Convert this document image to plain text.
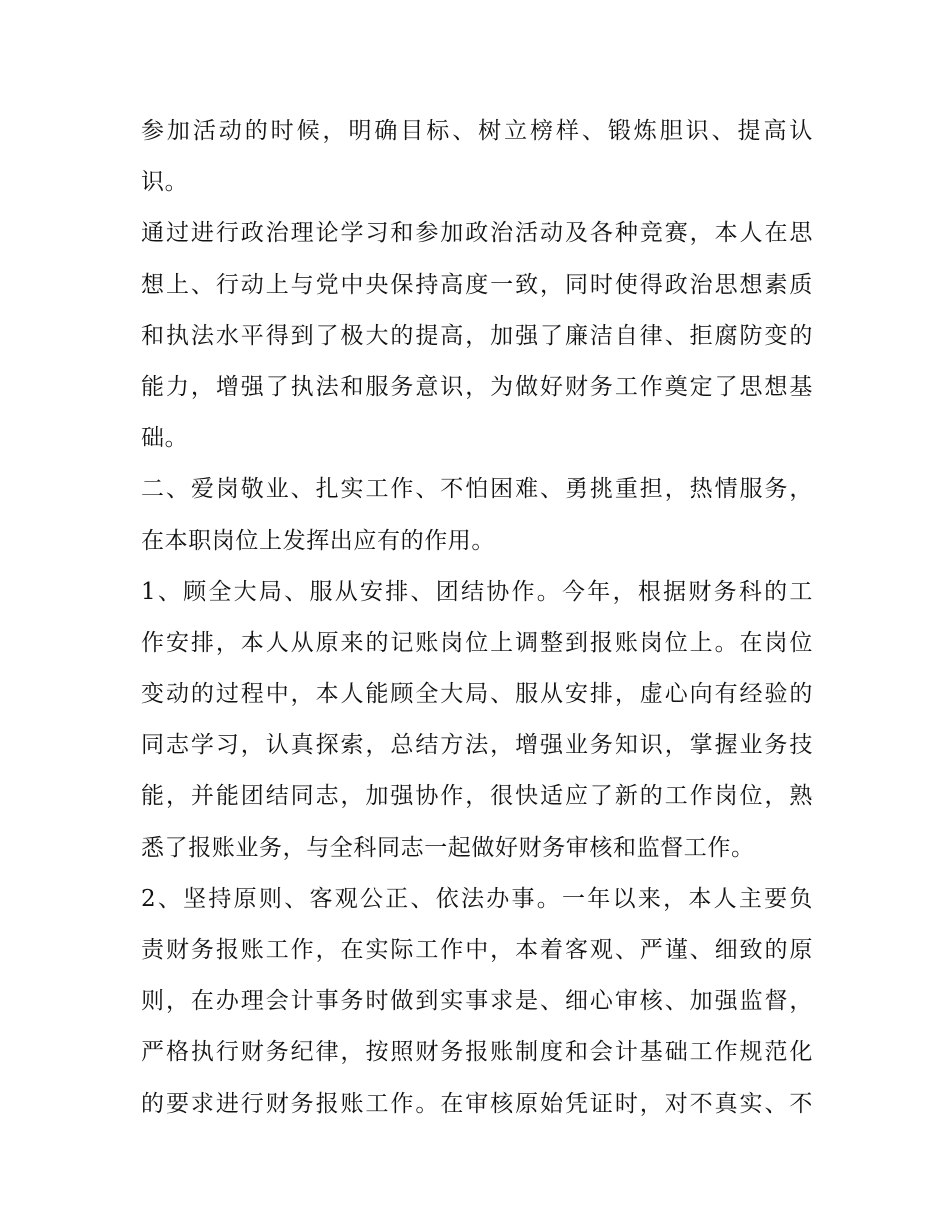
参加活动的时候，明确目标、树立榜样、锻炼胆识、提高认
识。
通过进行政治理论学习和参加政治活动及各种竞赛，本人在思
想上、行动上与党中央保持高度一致，同时使得政治思想素质
和执法水平得到了极大的提高，加强了廉洁自律、拒腐防变的
能力，增强了执法和服务意识，为做好财务工作奠定了思想基
础。
二、爱岗敬业、扎实工作、不怕困难、勇挑重担，热情服务，
在本职岗位上发挥出应有的作用。
1、顾全大局、服从安排、团结协作。今年，根据财务科的工
作安排，本人从原来的记账岗位上调整到报账岗位上。在岗位
变动的过程中，本人能顾全大局、服从安排，虚心向有经验的
同志学习，认真探索，总结方法，增强业务知识，掌握业务技
能，并能团结同志，加强协作，很快适应了新的工作岗位，熟
悉了报账业务，与全科同志一起做好财务审核和监督工作。
2、坚持原则、客观公正、依法办事。一年以来，本人主要负
责财务报账工作，在实际工作中，本着客观、严谨、细致的原
则，在办理会计事务时做到实事求是、细心审核、加强监督，
严格执行财务纪律，按照财务报账制度和会计基础工作规范化
的要求进行财务报账工作。在审核原始凭证时，对不真实、不
